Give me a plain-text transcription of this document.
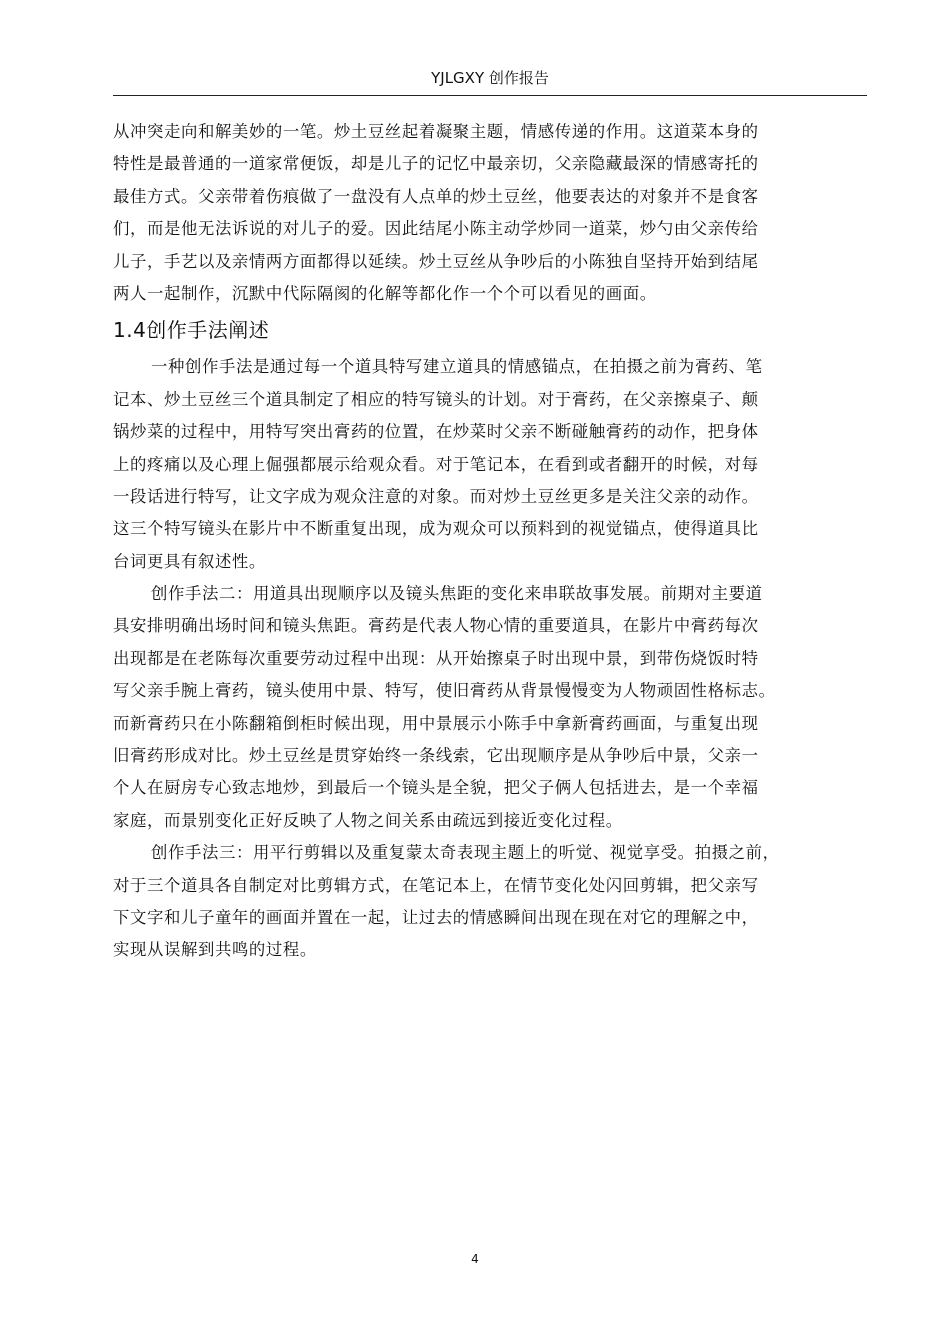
YJLGXY 创作报告
从冲突走向和解美妙的一笔。炒土豆丝起着凝聚主题，情感传递的作用。这道菜本身的
特性是最普通的一道家常便饭，却是儿子的记忆中最亲切，父亲隐藏最深的情感寄托的
最佳方式。父亲带着伤痕做了一盘没有人点单的炒土豆丝，他要表达的对象并不是食客
们，而是他无法诉说的对儿子的爱。因此结尾小陈主动学炒同一道菜，炒勺由父亲传给
儿子，手艺以及亲情两方面都得以延续。炒土豆丝从争吵后的小陈独自坚持开始到结尾
两人一起制作，沉默中代际隔阂的化解等都化作一个个可以看见的画面。
1.4创作手法阐述
一种创作手法是通过每一个道具特写建立道具的情感锚点，在拍摄之前为膏药、笔
记本、炒土豆丝三个道具制定了相应的特写镜头的计划。对于膏药，在父亲擦桌子、颠
锅炒菜的过程中，用特写突出膏药的位置，在炒菜时父亲不断碰触膏药的动作，把身体
上的疼痛以及心理上倔强都展示给观众看。对于笔记本，在看到或者翻开的时候，对每
一段话进行特写，让文字成为观众注意的对象。而对炒土豆丝更多是关注父亲的动作。
这三个特写镜头在影片中不断重复出现，成为观众可以预料到的视觉锚点，使得道具比
台词更具有叙述性。
创作手法二：用道具出现顺序以及镜头焦距的变化来串联故事发展。前期对主要道
具安排明确出场时间和镜头焦距。膏药是代表人物心情的重要道具，在影片中膏药每次
出现都是在老陈每次重要劳动过程中出现：从开始擦桌子时出现中景，到带伤烧饭时特
写父亲手腕上膏药，镜头使用中景、特写，使旧膏药从背景慢慢变为人物顽固性格标志。
而新膏药只在小陈翻箱倒柜时候出现，用中景展示小陈手中拿新膏药画面，与重复出现
旧膏药形成对比。炒土豆丝是贯穿始终一条线索，它出现顺序是从争吵后中景，父亲一
个人在厨房专心致志地炒，到最后一个镜头是全貌，把父子俩人包括进去，是一个幸福
家庭，而景别变化正好反映了人物之间关系由疏远到接近变化过程。
创作手法三：用平行剪辑以及重复蒙太奇表现主题上的听觉、视觉享受。拍摄之前，
对于三个道具各自制定对比剪辑方式，在笔记本上，在情节变化处闪回剪辑，把父亲写
下文字和儿子童年的画面并置在一起，让过去的情感瞬间出现在现在对它的理解之中，
实现从误解到共鸣的过程。
4
